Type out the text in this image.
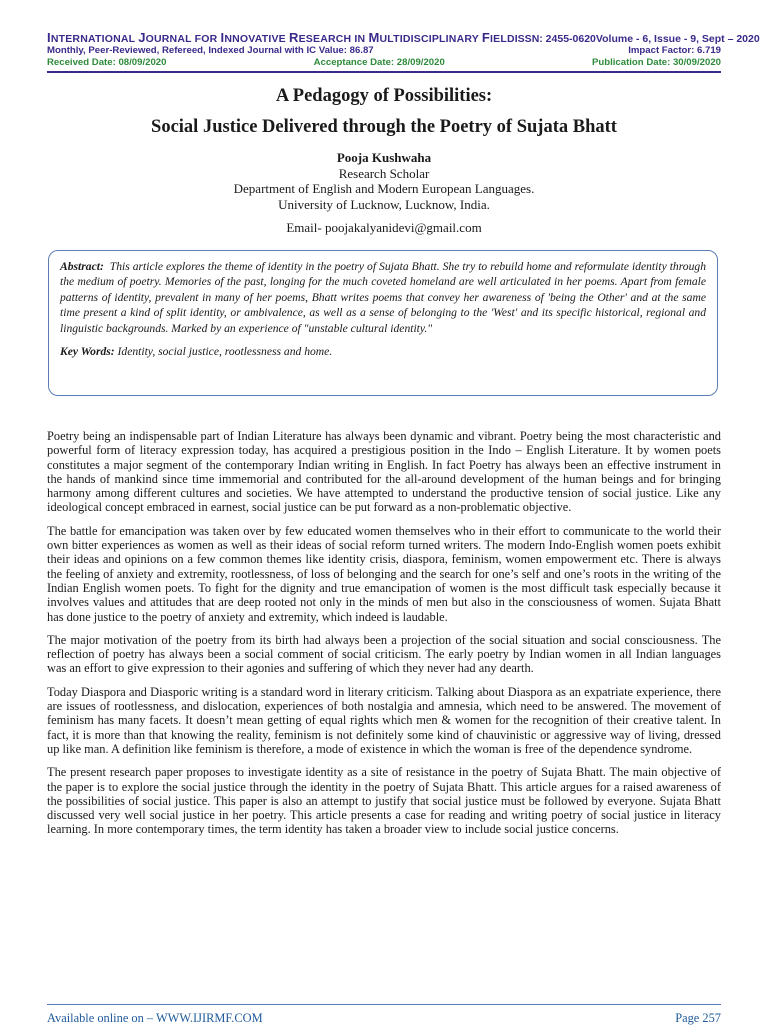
INTERNATIONAL JOURNAL FOR INNOVATIVE RESEARCH IN MULTIDISCIPLINARY FIELD ISSN: 2455-0620 Volume - 6, Issue - 9, Sept – 2020
Monthly, Peer-Reviewed, Refereed, Indexed Journal with IC Value: 86.87	Impact Factor: 6.719
Received Date: 08/09/2020	Acceptance Date: 28/09/2020	Publication Date: 30/09/2020
A Pedagogy of Possibilities:
Social Justice Delivered through the Poetry of Sujata Bhatt
Pooja Kushwaha
Research Scholar
Department of English and Modern European Languages.
University of Lucknow, Lucknow, India.
Email- poojakalyanidevi@gmail.com
Abstract: This article explores the theme of identity in the poetry of Sujata Bhatt. She try to rebuild home and reformulate identity through the medium of poetry. Memories of the past, longing for the much coveted homeland are well articulated in her poems. Apart from female patterns of identity, prevalent in many of her poems, Bhatt writes poems that convey her awareness of 'being the Other' and at the same time present a kind of split identity, or ambivalence, as well as a sense of belonging to the 'West' and its specific historical, regional and linguistic backgrounds. Marked by an experience of "unstable cultural identity."
Key Words: Identity, social justice, rootlessness and home.

Poetry being an indispensable part of Indian Literature has always been dynamic and vibrant. Poetry being the most characteristic and powerful form of literacy expression today, has acquired a prestigious position in the Indo – English Literature. It by women poets constitutes a major segment of the contemporary Indian writing in English. In fact Poetry has always been an effective instrument in the hands of mankind since time immemorial and contributed for the all-around development of the human beings and for bringing harmony among different cultures and societies. We have attempted to understand the productive tension of social justice. Like any ideological concept embraced in earnest, social justice can be put forward as a non-problematic objective.

The battle for emancipation was taken over by few educated women themselves who in their effort to communicate to the world their own bitter experiences as women as well as their ideas of social reform turned writers. The modern Indo-English women poets exhibit their ideas and opinions on a few common themes like identity crisis, diaspora, feminism, women empowerment etc. There is always the feeling of anxiety and extremity, rootlessness, of loss of belonging and the search for one’s self and one’s roots in the writing of the Indian English women poets. To fight for the dignity and true emancipation of women is the most difficult task especially because it involves values and attitudes that are deep rooted not only in the minds of men but also in the consciousness of women. Sujata Bhatt has done justice to the poetry of anxiety and extremity, which indeed is laudable.

The major motivation of the poetry from its birth had always been a projection of the social situation and social consciousness. The reflection of poetry has always been a social comment of social criticism. The early poetry by Indian women in all Indian languages was an effort to give expression to their agonies and suffering of which they never had any dearth.

Today Diaspora and Diasporic writing is a standard word in literary criticism. Talking about Diaspora as an expatriate experience, there are issues of rootlessness, and dislocation, experiences of both nostalgia and amnesia, which need to be answered. The movement of feminism has many facets. It doesn’t mean getting of equal rights which men & women for the recognition of their creative talent. In fact, it is more than that knowing the reality, feminism is not definitely some kind of chauvinistic or aggressive way of living, dressed up like man. A definition like feminism is therefore, a mode of existence in which the woman is free of the dependence syndrome.

The present research paper proposes to investigate identity as a site of resistance in the poetry of Sujata Bhatt. The main objective of the paper is to explore the social justice through the identity in the poetry of Sujata Bhatt. This article argues for a raised awareness of the possibilities of social justice. This paper is also an attempt to justify that social justice must be followed by everyone. Sujata Bhatt discussed very well social justice in her poetry. This article presents a case for reading and writing poetry of social justice in literacy learning. In more contemporary times, the term identity has taken a broader view to include social justice concerns.

Available online on – WWW.IJIRMF.COM	Page 257
